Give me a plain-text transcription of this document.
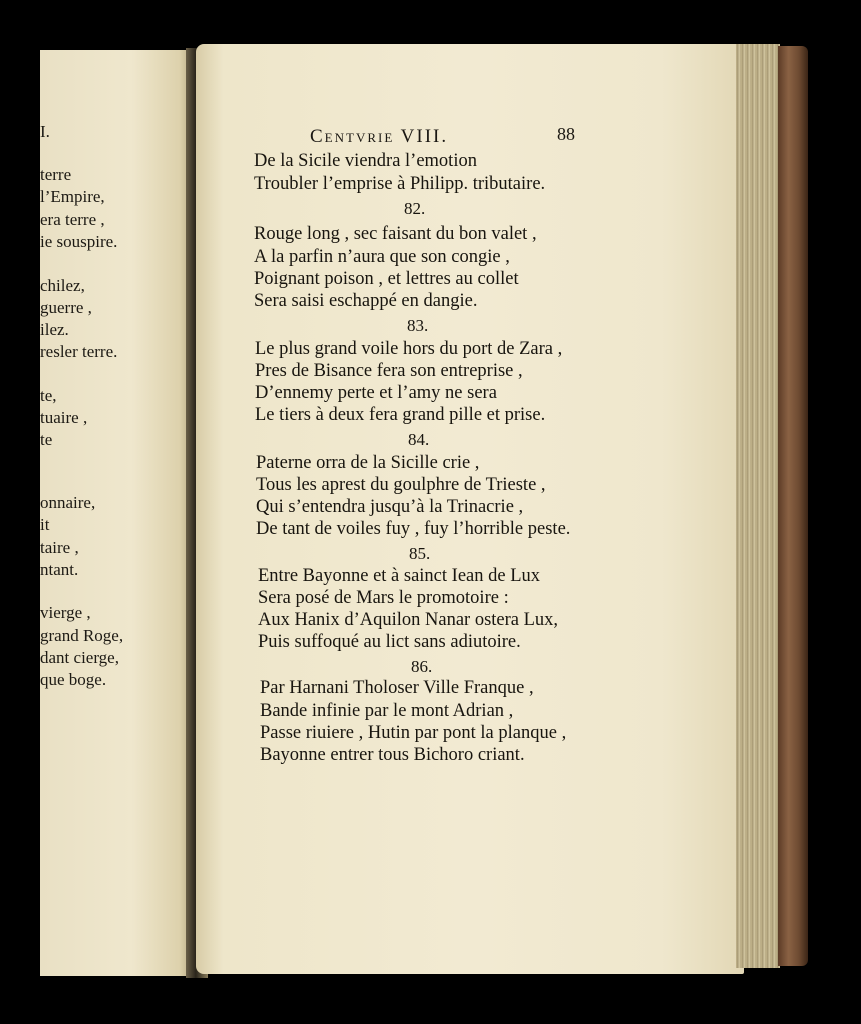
I.
terre
l’Empire,
era terre ,
ie souspire.
chilez,
guerre ,
ilez.
resler terre.
te,
tuaire ,
te
onnaire,
it
taire ,
ntant.
vierge ,
grand Roge,
dant cierge,
que boge.
Centvrie VIII.	88
De la Sicile viendra l’emotion
Troubler l’emprise à Philipp. tributaire.
82.
Rouge long , sec faisant du bon valet ,
A la parfin n’aura que son congie ,
Poignant poison , et lettres au collet
Sera saisi eschappé en dangie.
83.
Le plus grand voile hors du port de Zara ,
Pres de Bisance fera son entreprise ,
D’ennemy perte et l’amy ne sera
Le tiers à deux fera grand pille et prise.
84.
Paterne orra de la Sicille crie ,
Tous les aprest du goulphre de Trieste ,
Qui s’entendra jusqu’à la Trinacrie ,
De tant de voiles fuy , fuy l’horrible peste.
85.
Entre Bayonne et à sainct Iean de Lux
Sera posé de Mars le promotoire :
Aux Hanix d’Aquilon Nanar ostera Lux,
Puis suffoqué au lict sans adiutoire.
86.
Par Harnani Tholoser Ville Franque ,
Bande infinie par le mont Adrian ,
Passe riuiere , Hutin par pont la planque ,
Bayonne entrer tous Bichoro criant.
